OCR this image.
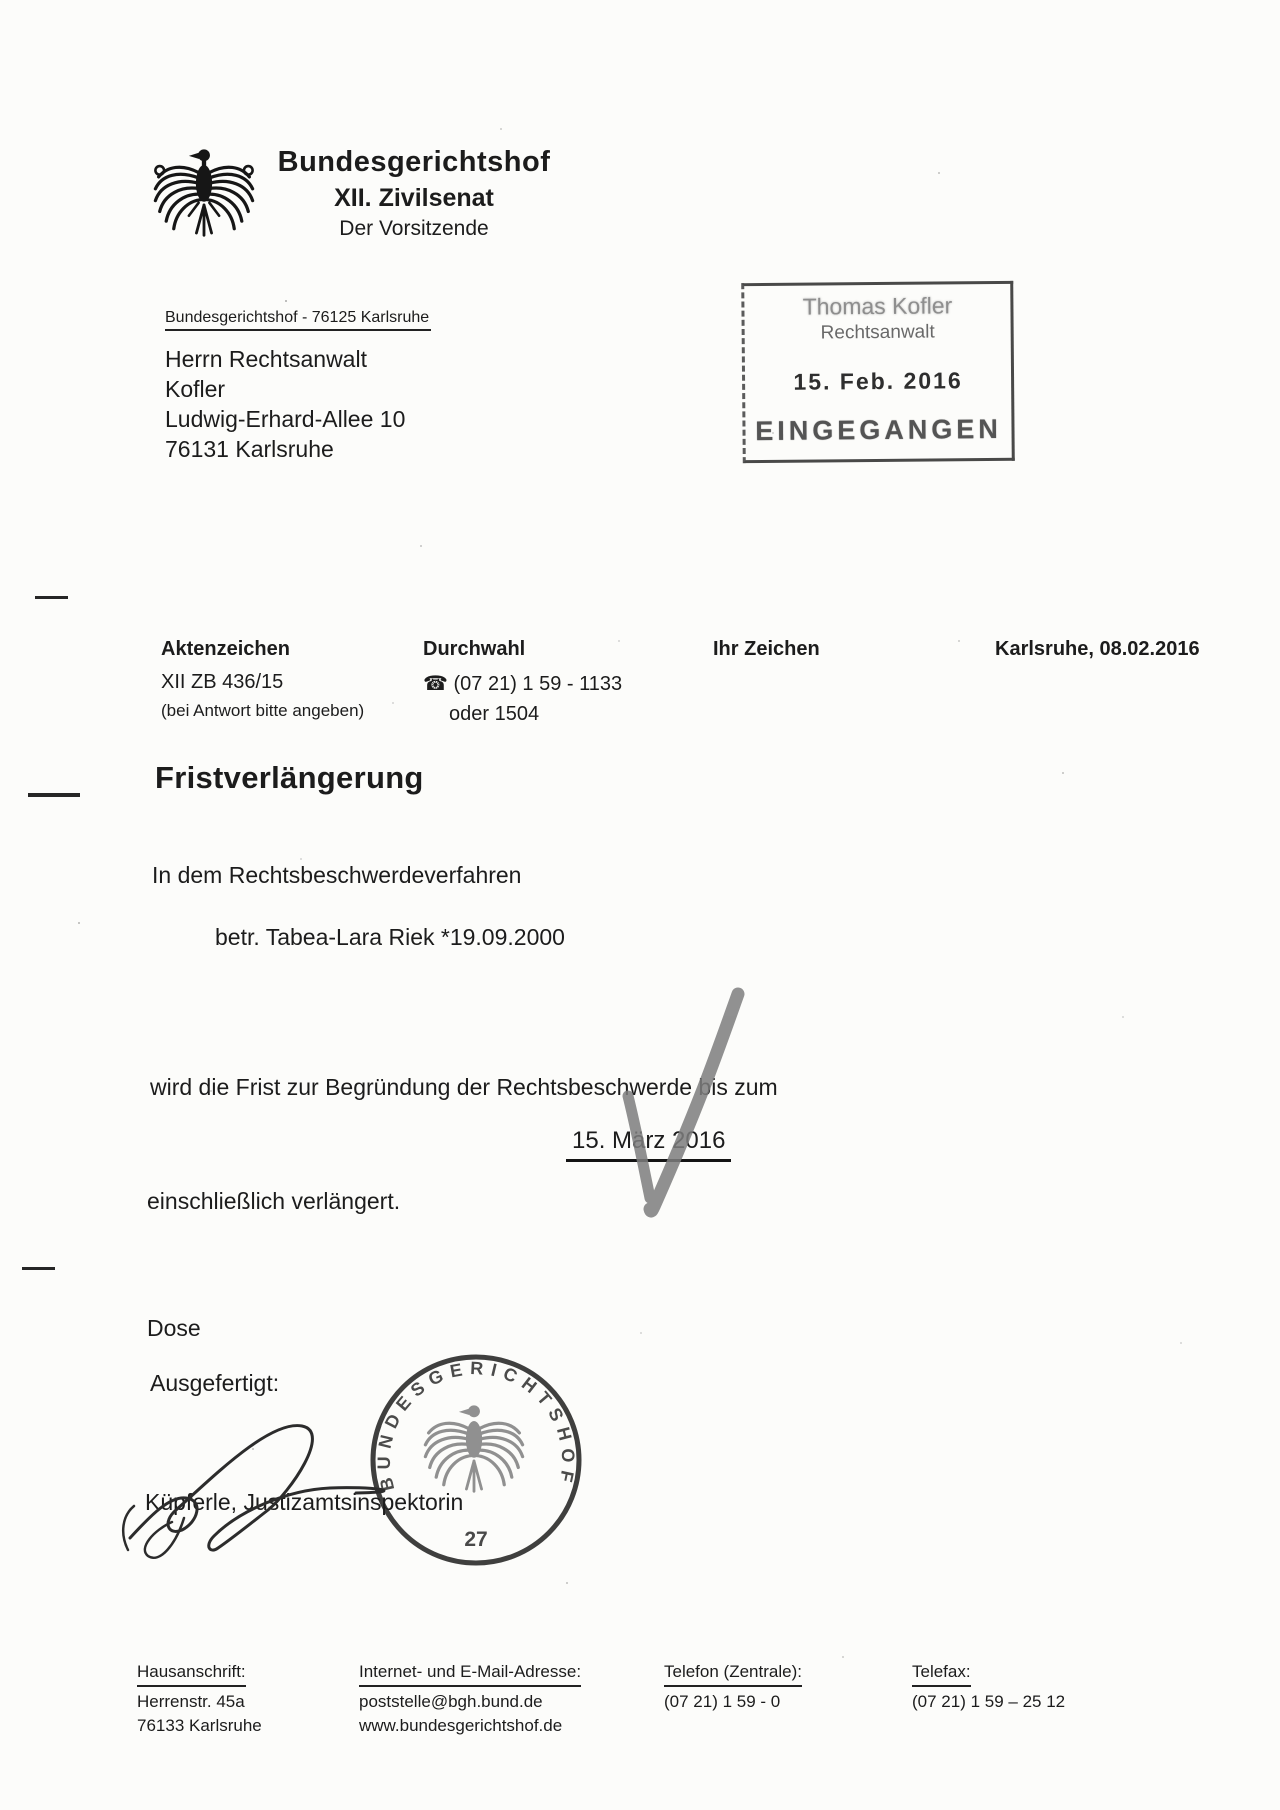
Bundesgerichtshof
XII. Zivilsenat
Der Vorsitzende
Bundesgerichtshof - 76125 Karlsruhe
Herrn Rechtsanwalt
Kofler
Ludwig-Erhard-Allee 10
76131 Karlsruhe
Thomas Kofler
Rechtsanwalt
15. Feb. 2016
EINGEGANGEN
Aktenzeichen
XII ZB 436/15
(bei Antwort bitte angeben)
Durchwahl
☎ (07 21) 1 59 - 1133
oder 1504
Ihr Zeichen	Karlsruhe, 08.02.2016
Fristverlängerung
In dem Rechtsbeschwerdeverfahren
betr. Tabea-Lara Riek *19.09.2000
wird die Frist zur Begründung der Rechtsbeschwerde bis zum
15. März 2016
einschließlich verlängert.
Dose
Ausgefertigt:
BUNDESGERICHTSHOF
27
Küpferle, Justizamtsinspektorin
Hausanschrift:
Herrenstr. 45a
76133 Karlsruhe
Internet- und E-Mail-Adresse:
poststelle@bgh.bund.de
www.bundesgerichtshof.de
Telefon (Zentrale):
(07 21) 1 59 - 0
Telefax:
(07 21) 1 59 – 25 12
